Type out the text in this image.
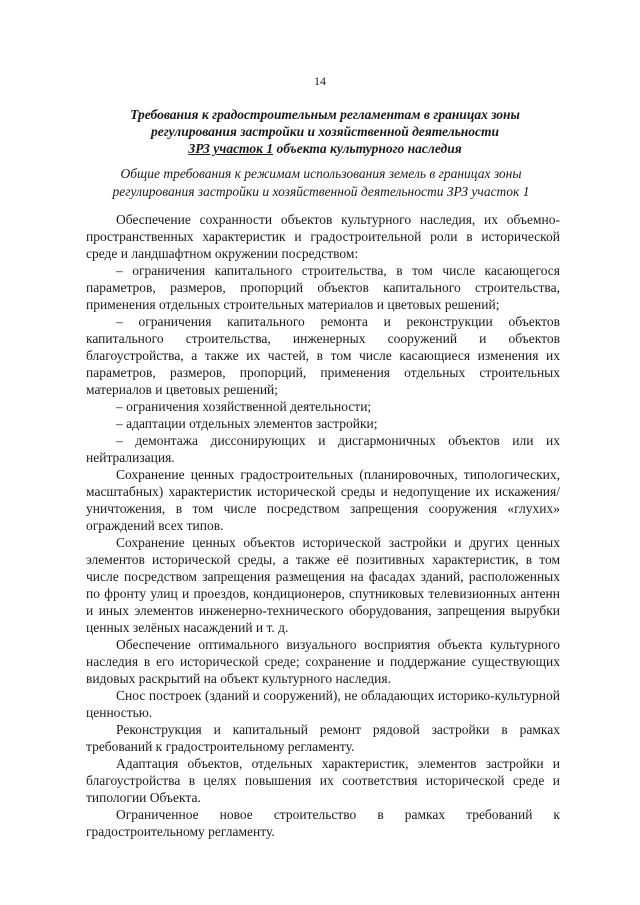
14
Требования к градостроительным регламентам в границах зоны
регулирования застройки и хозяйственной деятельности
ЗРЗ участок 1 объекта культурного наследия
Общие требования к режимам использования земель в границах зоны регулирования застройки и хозяйственной деятельности ЗРЗ участок 1

Обеспечение сохранности объектов культурного наследия, их объемно-пространственных характеристик и градостроительной роли в исторической среде и ландшафтном окружении посредством:

– ограничения капитального строительства, в том числе касающегося параметров, размеров, пропорций объектов капитального строительства, применения отдельных строительных материалов и цветовых решений;

– ограничения капитального ремонта и реконструкции объектов капитального строительства, инженерных сооружений и объектов благоустройства, а также их частей, в том числе касающиеся изменения их параметров, размеров, пропорций, применения отдельных строительных материалов и цветовых решений;

– ограничения хозяйственной деятельности;

– адаптации отдельных элементов застройки;

– демонтажа диссонирующих и дисгармоничных объектов или их нейтрализация.

Сохранение ценных градостроительных (планировочных, типологических, масштабных) характеристик исторической среды и недопущение их искажения/ уничтожения, в том числе посредством запрещения сооружения «глухих» ограждений всех типов.

Сохранение ценных объектов исторической застройки и других ценных элементов исторической среды, а также её позитивных характеристик, в том числе посредством запрещения размещения на фасадах зданий, расположенных по фронту улиц и проездов, кондиционеров, спутниковых телевизионных антенн и иных элементов инженерно-технического оборудования, запрещения вырубки ценных зелёных насаждений и т. д.

Обеспечение оптимального визуального восприятия объекта культурного наследия в его исторической среде; сохранение и поддержание существующих видовых раскрытий на объект культурного наследия.

Снос построек (зданий и сооружений), не обладающих историко-культурной ценностью.

Реконструкция и капитальный ремонт рядовой застройки в рамках требований к градостроительному регламенту.

Адаптация объектов, отдельных характеристик, элементов застройки и благоустройства в целях повышения их соответствия исторической среде и типологии Объекта.

Ограниченное новое строительство в рамках требований к градостроительному регламенту.
